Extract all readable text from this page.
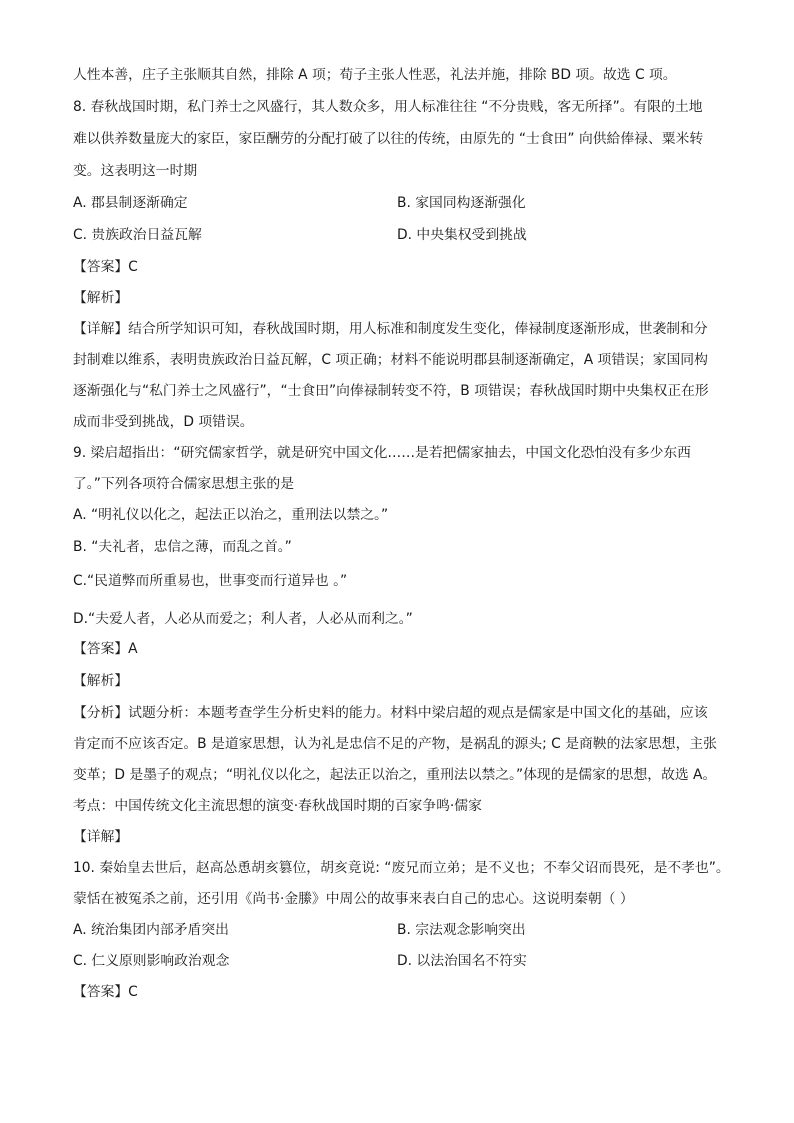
人性本善，庄子主张顺其自然，排除 A 项；荀子主张人性恶，礼法并施，排除 BD 项。故选 C 项。
8. 春秋战国时期，私门养士之风盛行，其人数众多，用人标准往往 “不分贵贱，客无所择”。有限的土地
难以供养数量庞大的家臣，家臣酬劳的分配打破了以往的传统，由原先的 “士食田” 向供給俸禄、粟米转
变。这表明这一时期
A. 郡县制逐渐确定	B. 家国同构逐渐强化
C. 贵族政治日益瓦解	D. 中央集权受到挑战
【答案】C
【解析】
【详解】结合所学知识可知，春秋战国时期，用人标准和制度发生变化，俸禄制度逐渐形成，世袭制和分
封制难以维系，表明贵族政治日益瓦解，C 项正确；材料不能说明郡县制逐渐确定，A 项错误；家国同构
逐渐强化与“私门养士之风盛行”，“士食田”向俸禄制转变不符，B 项错误；春秋战国时期中央集权正在形
成而非受到挑战，D 项错误。
9. 梁启超指出：“研究儒家哲学，就是研究中国文化……是若把儒家抽去，中国文化恐怕没有多少东西
了。”下列各项符合儒家思想主张的是
A. “明礼仪以化之，起法正以治之，重刑法以禁之。”
B. “夫礼者，忠信之薄，而乱之首。”
C.“民道弊而所重易也，世事变而行道异也 。”
D.“夫爱人者，人必从而爱之；利人者，人必从而利之。”
【答案】A
【解析】
【分析】试题分析：本题考查学生分析史料的能力。材料中梁启超的观点是儒家是中国文化的基础，应该
肯定而不应该否定。B 是道家思想，认为礼是忠信不足的产物，是祸乱的源头; C 是商鞅的法家思想，主张
变革；D 是墨子的观点；“明礼仪以化之，起法正以治之，重刑法以禁之。”体现的是儒家的思想，故选 A。
考点：中国传统文化主流思想的演变·春秋战国时期的百家争鸣·儒家
【详解】
10. 秦始皇去世后，赵高怂恿胡亥篡位，胡亥竟说: “废兄而立弟；是不义也；不奉父诏而畏死，是不孝也”。
蒙恬在被冤杀之前，还引用《尚书·金縢》中周公的故事来表白自己的忠心。这说明秦朝（ ）
A. 统治集团内部矛盾突出	B. 宗法观念影响突出
C. 仁义原则影响政治观念	D. 以法治国名不符实
【答案】C
